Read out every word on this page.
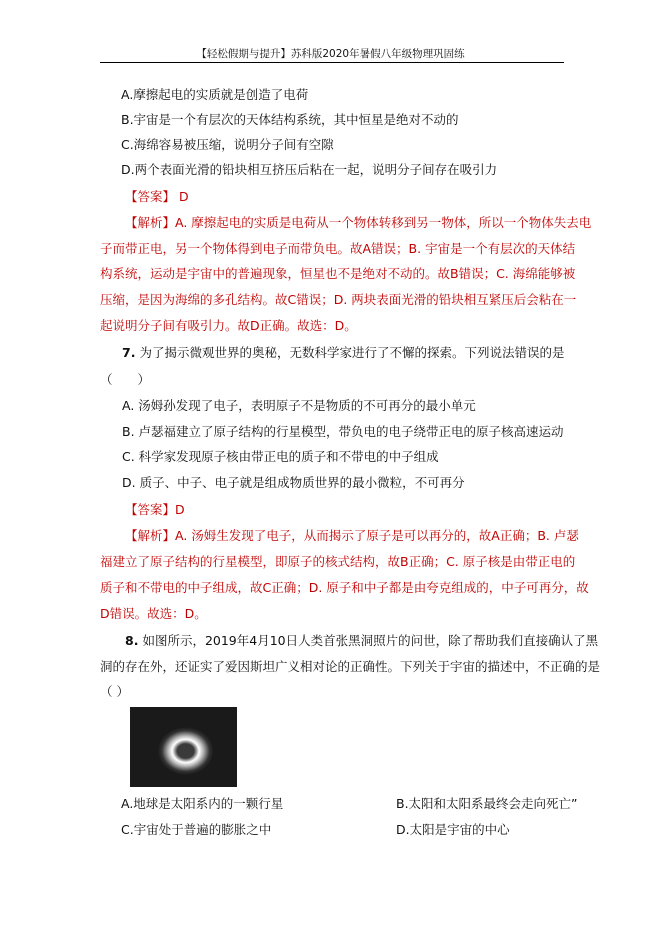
【轻松假期与提升】苏科版2020年暑假八年级物理巩固练
A.摩擦起电的实质就是创造了电荷
B.宇宙是一个有层次的天体结构系统，其中恒星是绝对不动的
C.海绵容易被压缩，说明分子间有空隙
D.两个表面光滑的铅块相互挤压后粘在一起，说明分子间存在吸引力
【答案】 D
【解析】A. 摩擦起电的实质是电荷从一个物体转移到另一物体，所以一个物体失去电
子而带正电，另一个物体得到电子而带负电。故A错误；B. 宇宙是一个有层次的天体结
构系统，运动是宇宙中的普遍现象，恒星也不是绝对不动的。故B错误；C. 海绵能够被
压缩，是因为海绵的多孔结构。故C错误；D. 两块表面光滑的铅块相互紧压后会粘在一
起说明分子间有吸引力。故D正确。故选：D。
7. 为了揭示微观世界的奥秘，无数科学家进行了不懈的探索。下列说法错误的是
（　　）
A. 汤姆孙发现了电子，表明原子不是物质的不可再分的最小单元
B. 卢瑟福建立了原子结构的行星模型，带负电的电子绕带正电的原子核高速运动
C. 科学家发现原子核由带正电的质子和不带电的中子组成
D. 质子、中子、电子就是组成物质世界的最小微粒，不可再分
【答案】D
【解析】A. 汤姆生发现了电子，从而揭示了原子是可以再分的，故A正确；B. 卢瑟
福建立了原子结构的行星模型，即原子的核式结构，故B正确；C. 原子核是由带正电的
质子和不带电的中子组成，故C正确；D. 原子和中子都是由夸克组成的，中子可再分，故
D错误。故选：D。
8. 如图所示，2019年4月10日人类首张黑洞照片的问世，除了帮助我们直接确认了黑
洞的存在外，还证实了爱因斯坦广义相对论的正确性。下列关于宇宙的描述中，不正确的是
（ ）
A.地球是太阳系内的一颗行星	B.太阳和太阳系最终会走向死亡”
C.宇宙处于普遍的膨胀之中	D.太阳是宇宙的中心
